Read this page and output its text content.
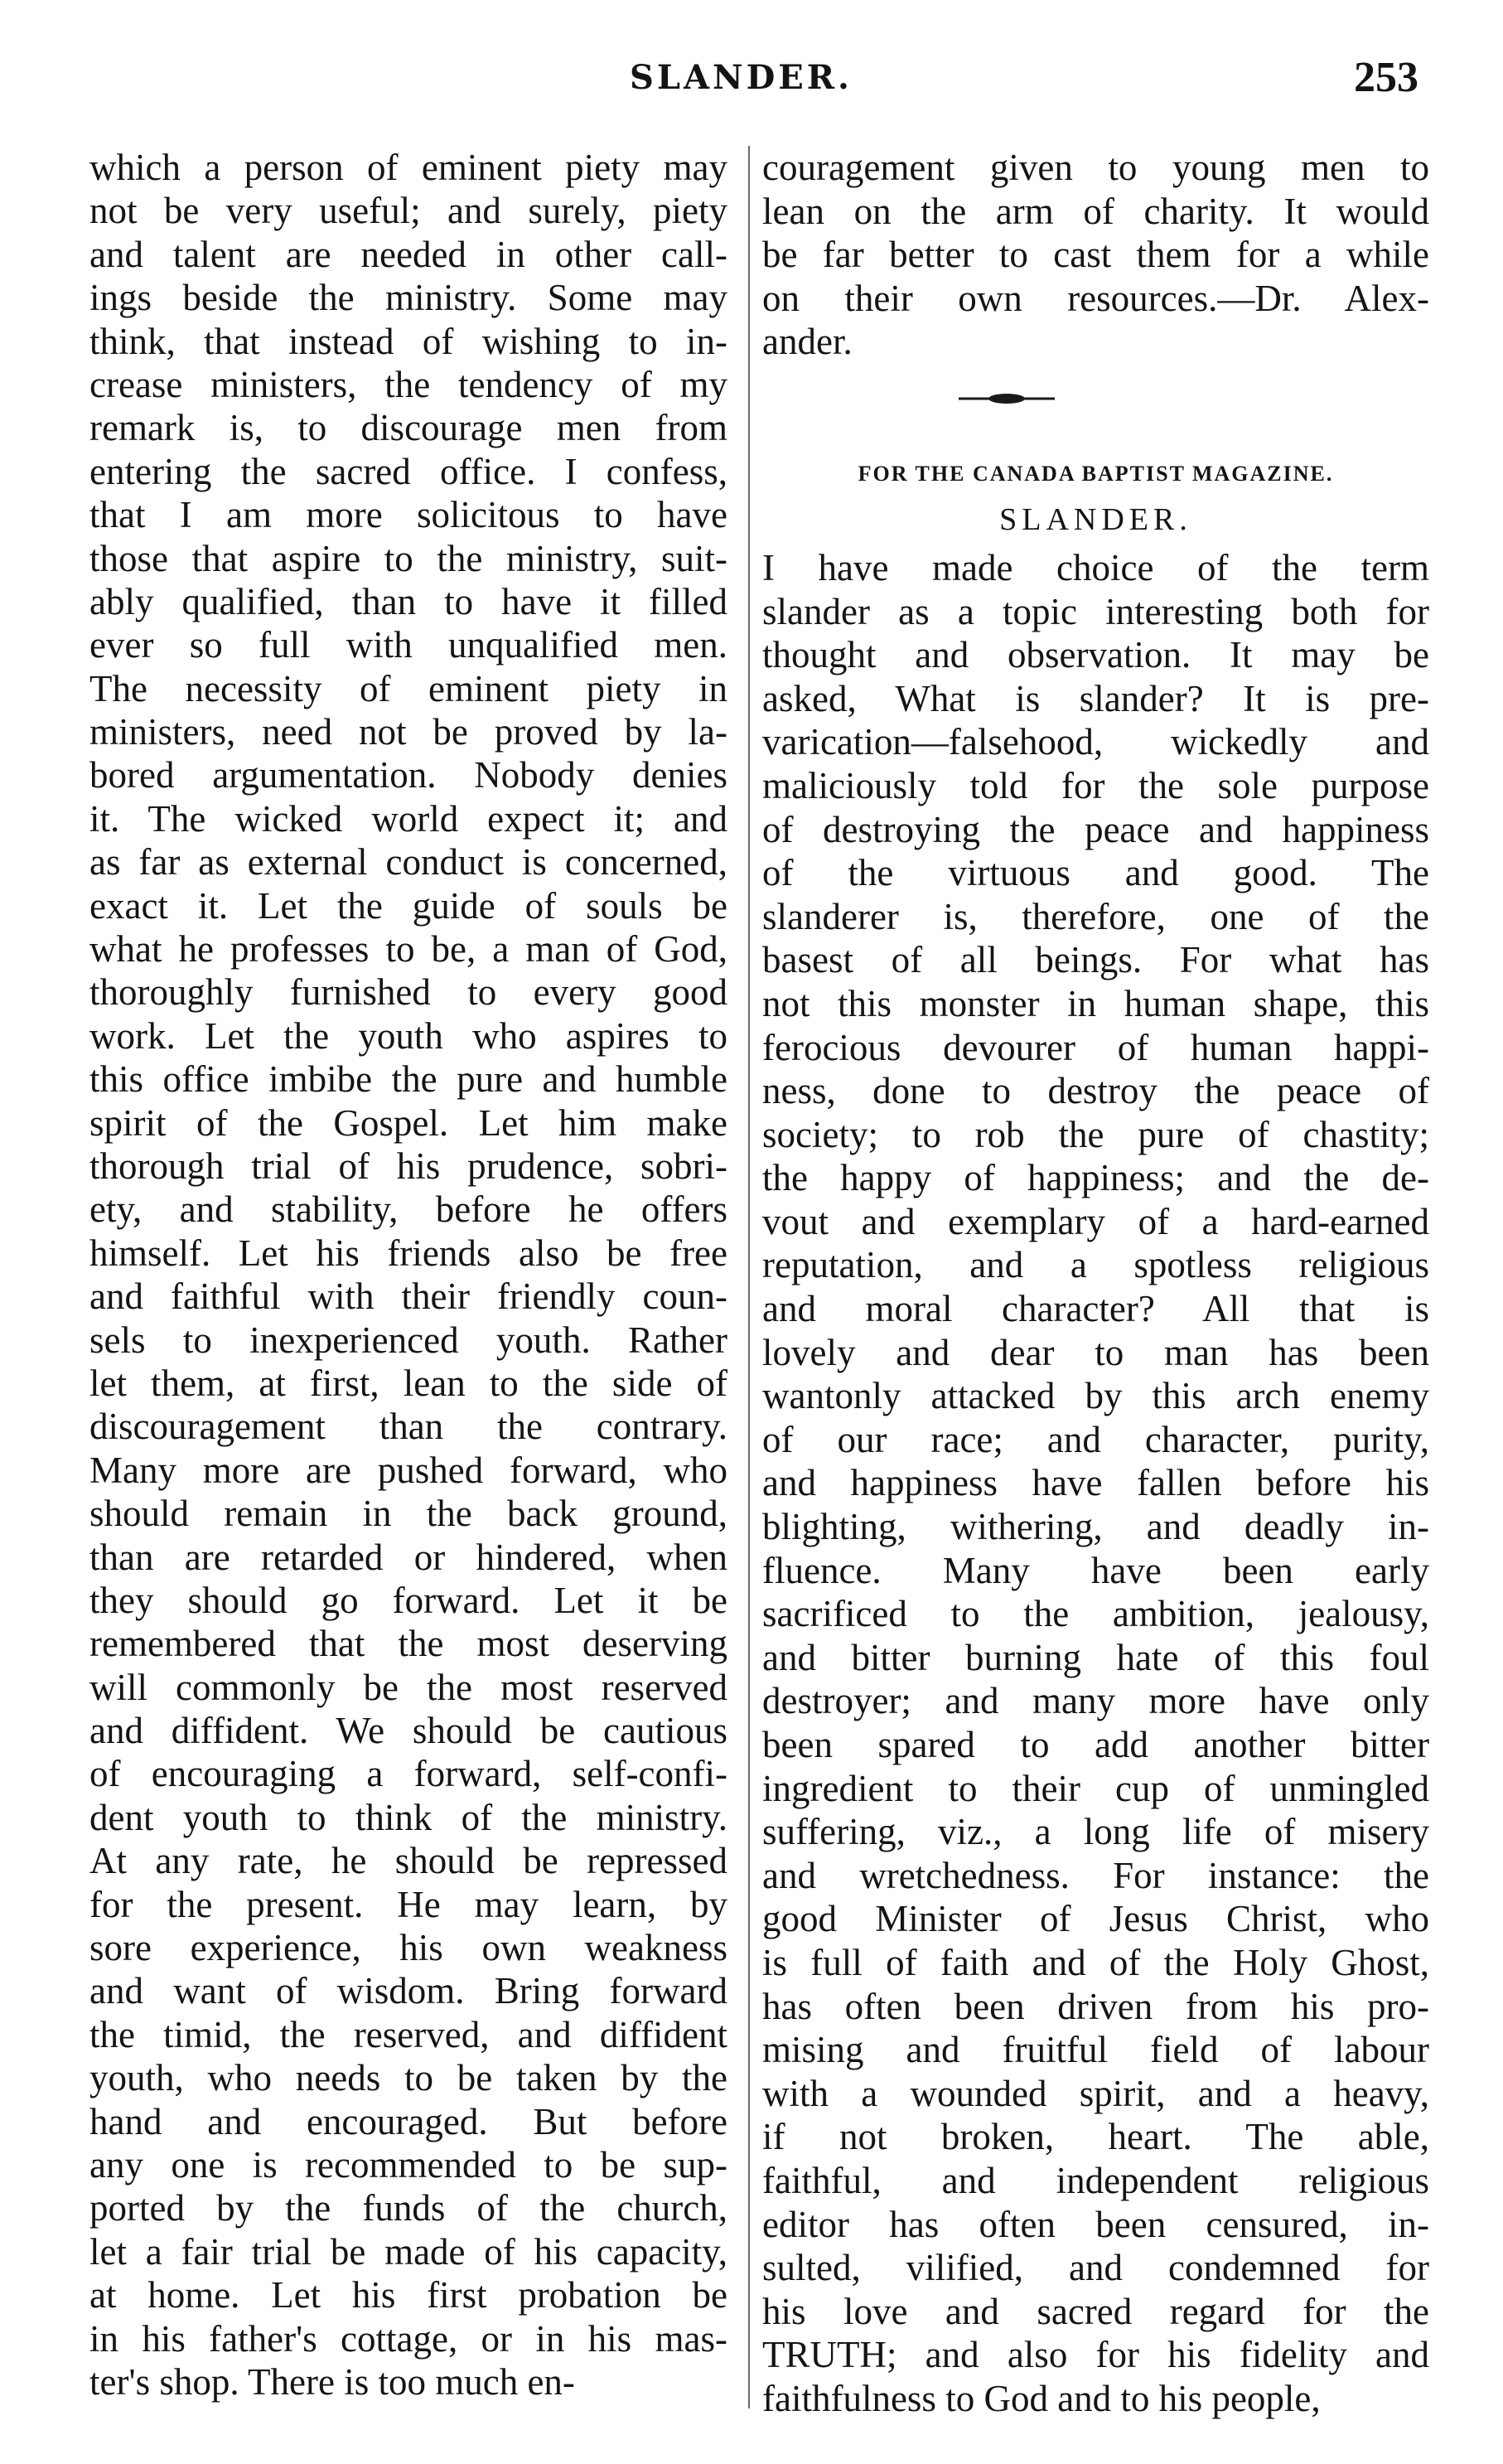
SLANDER.	253
which a person of eminent piety may
not be very useful; and surely, piety
and talent are needed in other call-
ings beside the ministry. Some may
think, that instead of wishing to in-
crease ministers, the tendency of my
remark is, to discourage men from
entering the sacred office. I confess,
that I am more solicitous to have
those that aspire to the ministry, suit-
ably qualified, than to have it filled
ever so full with unqualified men.
The necessity of eminent piety in
ministers, need not be proved by la-
bored argumentation. Nobody denies
it. The wicked world expect it; and
as far as external conduct is concerned,
exact it. Let the guide of souls be
what he professes to be, a man of God,
thoroughly furnished to every good
work. Let the youth who aspires to
this office imbibe the pure and humble
spirit of the Gospel. Let him make
thorough trial of his prudence, sobri-
ety, and stability, before he offers
himself. Let his friends also be free
and faithful with their friendly coun-
sels to inexperienced youth. Rather
let them, at first, lean to the side of
discouragement than the contrary.
Many more are pushed forward, who
should remain in the back ground,
than are retarded or hindered, when
they should go forward. Let it be
remembered that the most deserving
will commonly be the most reserved
and diffident. We should be cautious
of encouraging a forward, self-confi-
dent youth to think of the ministry.
At any rate, he should be repressed
for the present. He may learn, by
sore experience, his own weakness
and want of wisdom. Bring forward
the timid, the reserved, and diffident
youth, who needs to be taken by the
hand and encouraged. But before
any one is recommended to be sup-
ported by the funds of the church,
let a fair trial be made of his capacity,
at home. Let his first probation be
in his father's cottage, or in his mas-
ter's shop. There is too much en-
couragement given to young men to
lean on the arm of charity. It would
be far better to cast them for a while
on their own resources.—Dr. Alex-
ander.
FOR THE CANADA BAPTIST MAGAZINE.
SLANDER.
I have made choice of the term
slander as a topic interesting both for
thought and observation. It may be
asked, What is slander? It is pre-
varication—falsehood, wickedly and
maliciously told for the sole purpose
of destroying the peace and happiness
of the virtuous and good. The
slanderer is, therefore, one of the
basest of all beings. For what has
not this monster in human shape, this
ferocious devourer of human happi-
ness, done to destroy the peace of
society; to rob the pure of chastity;
the happy of happiness; and the de-
vout and exemplary of a hard-earned
reputation, and a spotless religious
and moral character? All that is
lovely and dear to man has been
wantonly attacked by this arch enemy
of our race; and character, purity,
and happiness have fallen before his
blighting, withering, and deadly in-
fluence. Many have been early
sacrificed to the ambition, jealousy,
and bitter burning hate of this foul
destroyer; and many more have only
been spared to add another bitter
ingredient to their cup of unmingled
suffering, viz., a long life of misery
and wretchedness. For instance: the
good Minister of Jesus Christ, who
is full of faith and of the Holy Ghost,
has often been driven from his pro-
mising and fruitful field of labour
with a wounded spirit, and a heavy,
if not broken, heart. The able,
faithful, and independent religious
editor has often been censured, in-
sulted, vilified, and condemned for
his love and sacred regard for the
TRUTH; and also for his fidelity and
faithfulness to God and to his people,
